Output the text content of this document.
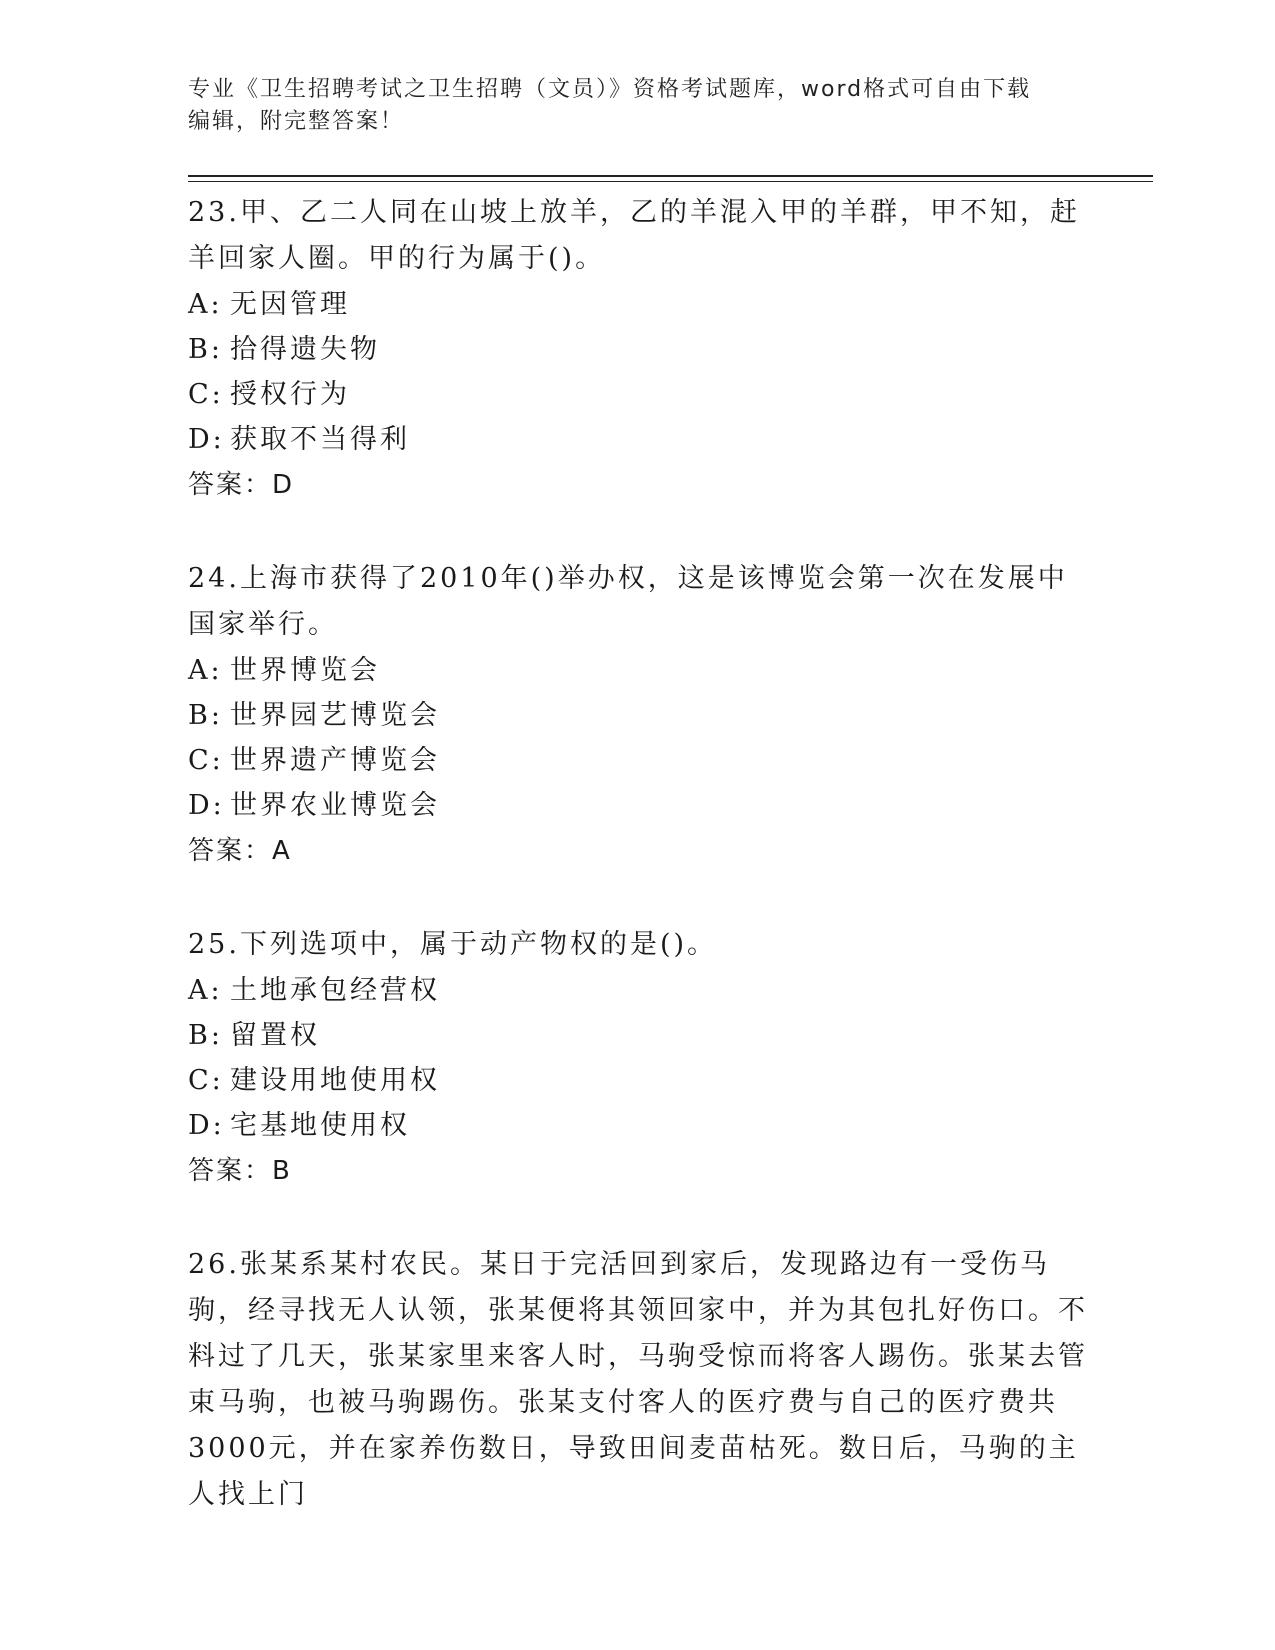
专业《卫生招聘考试之卫生招聘（文员）》资格考试题库，word格式可自由下载
编辑，附完整答案！

23.甲、乙二人同在山坡上放羊，乙的羊混入甲的羊群，甲不知，赶羊回家人圈。甲的行为属于()。

A: 无因管理

B: 拾得遗失物

C: 授权行为

D: 获取不当得利

答案：D

24.上海市获得了2010年()举办权，这是该博览会第一次在发展中国家举行。

A: 世界博览会

B: 世界园艺博览会

C: 世界遗产博览会

D: 世界农业博览会

答案：A

25.下列选项中，属于动产物权的是()。

A: 土地承包经营权

B: 留置权

C: 建设用地使用权

D: 宅基地使用权

答案：B

26.张某系某村农民。某日于完活回到家后，发现路边有一受伤马驹，经寻找无人认领，张某便将其领回家中，并为其包扎好伤口。不料过了几天，张某家里来客人时，马驹受惊而将客人踢伤。张某去管束马驹，也被马驹踢伤。张某支付客人的医疗费与自己的医疗费共3000元，并在家养伤数日，导致田间麦苗枯死。数日后，马驹的主人找上门
